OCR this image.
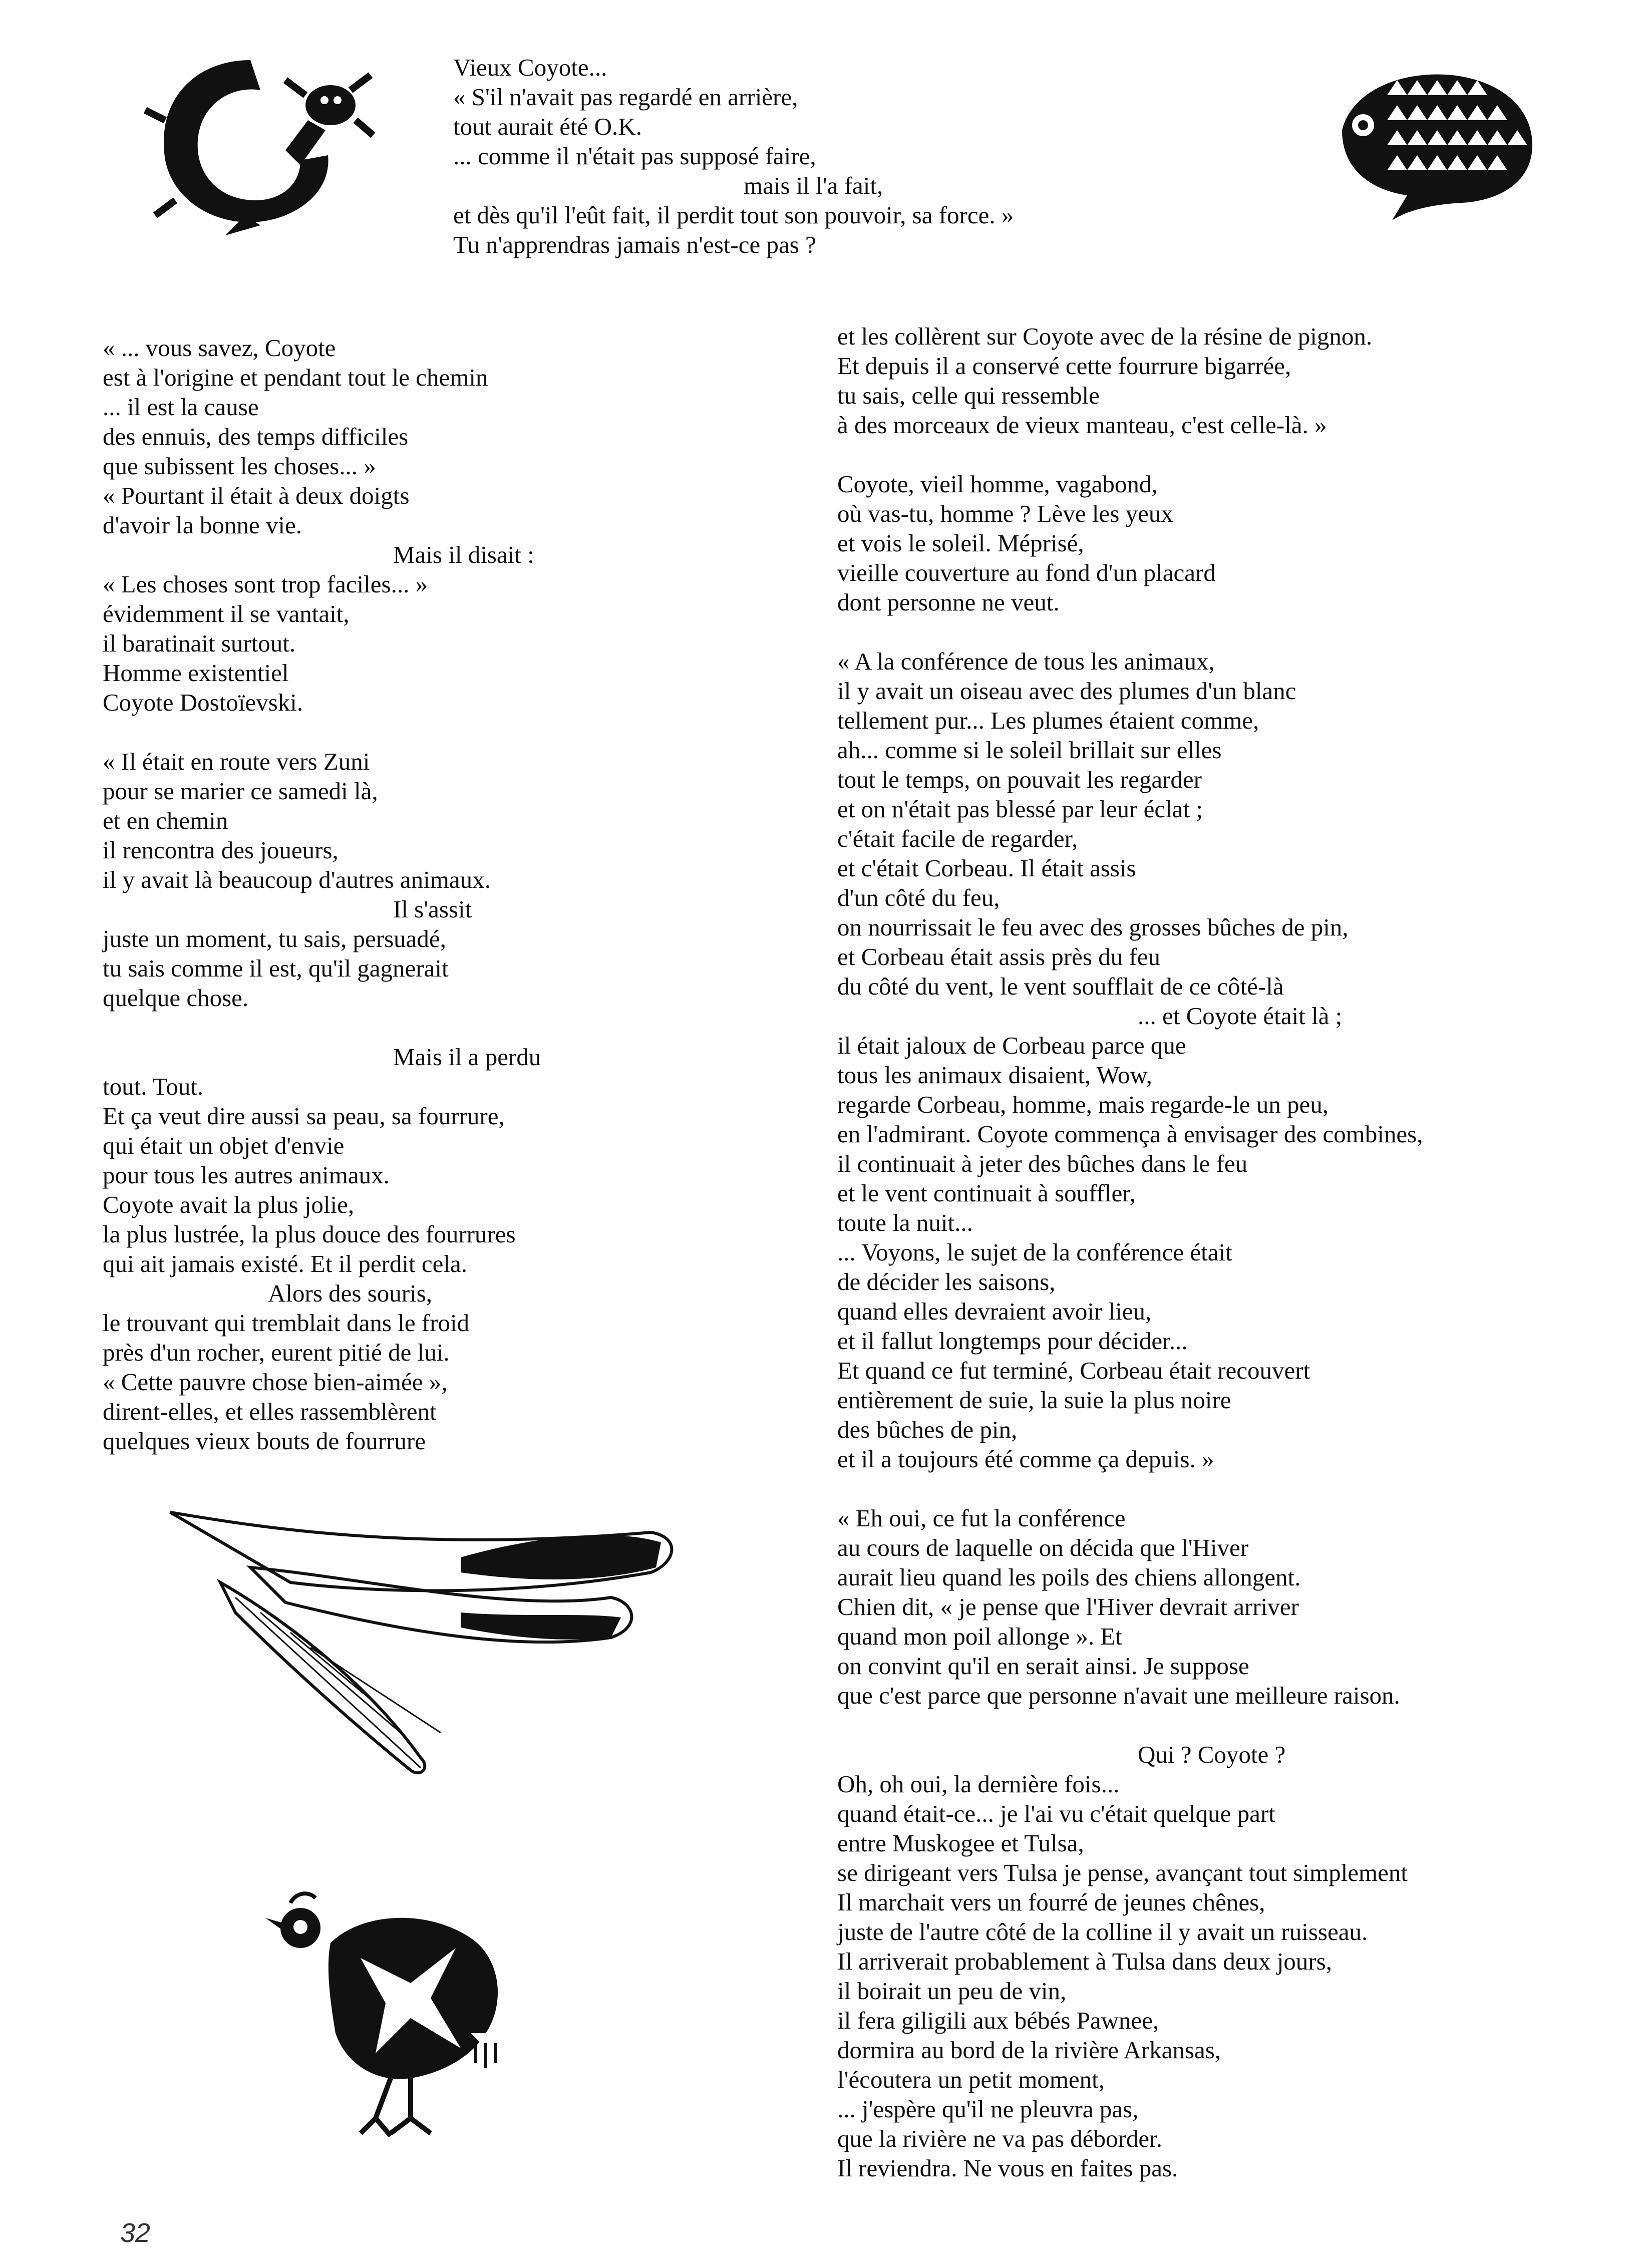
Vieux Coyote...
« S'il n'avait pas regardé en arrière,
tout aurait été O.K.
... comme il n'était pas supposé faire,
mais il l'a fait,
et dès qu'il l'eût fait, il perdit tout son pouvoir, sa force. »
Tu n'apprendras jamais n'est-ce pas ?
« ... vous savez, Coyote
est à l'origine et pendant tout le chemin
... il est la cause
des ennuis, des temps difficiles
que subissent les choses... »
« Pourtant il était à deux doigts
d'avoir la bonne vie.
Mais il disait :
« Les choses sont trop faciles... »
évidemment il se vantait,
il baratinait surtout.
Homme existentiel
Coyote Dostoïevski.
« Il était en route vers Zuni
pour se marier ce samedi là,
et en chemin
il rencontra des joueurs,
il y avait là beaucoup d'autres animaux.
Il s'assit
juste un moment, tu sais, persuadé,
tu sais comme il est, qu'il gagnerait
quelque chose.
Mais il a perdu
tout. Tout.
Et ça veut dire aussi sa peau, sa fourrure,
qui était un objet d'envie
pour tous les autres animaux.
Coyote avait la plus jolie,
la plus lustrée, la plus douce des fourrures
qui ait jamais existé. Et il perdit cela.
Alors des souris,
le trouvant qui tremblait dans le froid
près d'un rocher, eurent pitié de lui.
« Cette pauvre chose bien-aimée »,
dirent-elles, et elles rassemblèrent
quelques vieux bouts de fourrure
et les collèrent sur Coyote avec de la résine de pignon.
Et depuis il a conservé cette fourrure bigarrée,
tu sais, celle qui ressemble
à des morceaux de vieux manteau, c'est celle-là. »
Coyote, vieil homme, vagabond,
où vas-tu, homme ? Lève les yeux
et vois le soleil. Méprisé,
vieille couverture au fond d'un placard
dont personne ne veut.
« A la conférence de tous les animaux,
il y avait un oiseau avec des plumes d'un blanc
tellement pur... Les plumes étaient comme,
ah... comme si le soleil brillait sur elles
tout le temps, on pouvait les regarder
et on n'était pas blessé par leur éclat ;
c'était facile de regarder,
et c'était Corbeau. Il était assis
d'un côté du feu,
on nourrissait le feu avec des grosses bûches de pin,
et Corbeau était assis près du feu
du côté du vent, le vent soufflait de ce côté-là
... et Coyote était là ;
il était jaloux de Corbeau parce que
tous les animaux disaient, Wow,
regarde Corbeau, homme, mais regarde-le un peu,
en l'admirant. Coyote commença à envisager des combines,
il continuait à jeter des bûches dans le feu
et le vent continuait à souffler,
toute la nuit...
... Voyons, le sujet de la conférence était
de décider les saisons,
quand elles devraient avoir lieu,
et il fallut longtemps pour décider...
Et quand ce fut terminé, Corbeau était recouvert
entièrement de suie, la suie la plus noire
des bûches de pin,
et il a toujours été comme ça depuis. »
« Eh oui, ce fut la conférence
au cours de laquelle on décida que l'Hiver
aurait lieu quand les poils des chiens allongent.
Chien dit, « je pense que l'Hiver devrait arriver
quand mon poil allonge ». Et
on convint qu'il en serait ainsi. Je suppose
que c'est parce que personne n'avait une meilleure raison.
Qui ? Coyote ?
Oh, oh oui, la dernière fois...
quand était-ce... je l'ai vu c'était quelque part
entre Muskogee et Tulsa,
se dirigeant vers Tulsa je pense, avançant tout simplement
Il marchait vers un fourré de jeunes chênes,
juste de l'autre côté de la colline il y avait un ruisseau.
Il arriverait probablement à Tulsa dans deux jours,
il boirait un peu de vin,
il fera giligili aux bébés Pawnee,
dormira au bord de la rivière Arkansas,
l'écoutera un petit moment,
... j'espère qu'il ne pleuvra pas,
que la rivière ne va pas déborder.
Il reviendra. Ne vous en faites pas.
32
